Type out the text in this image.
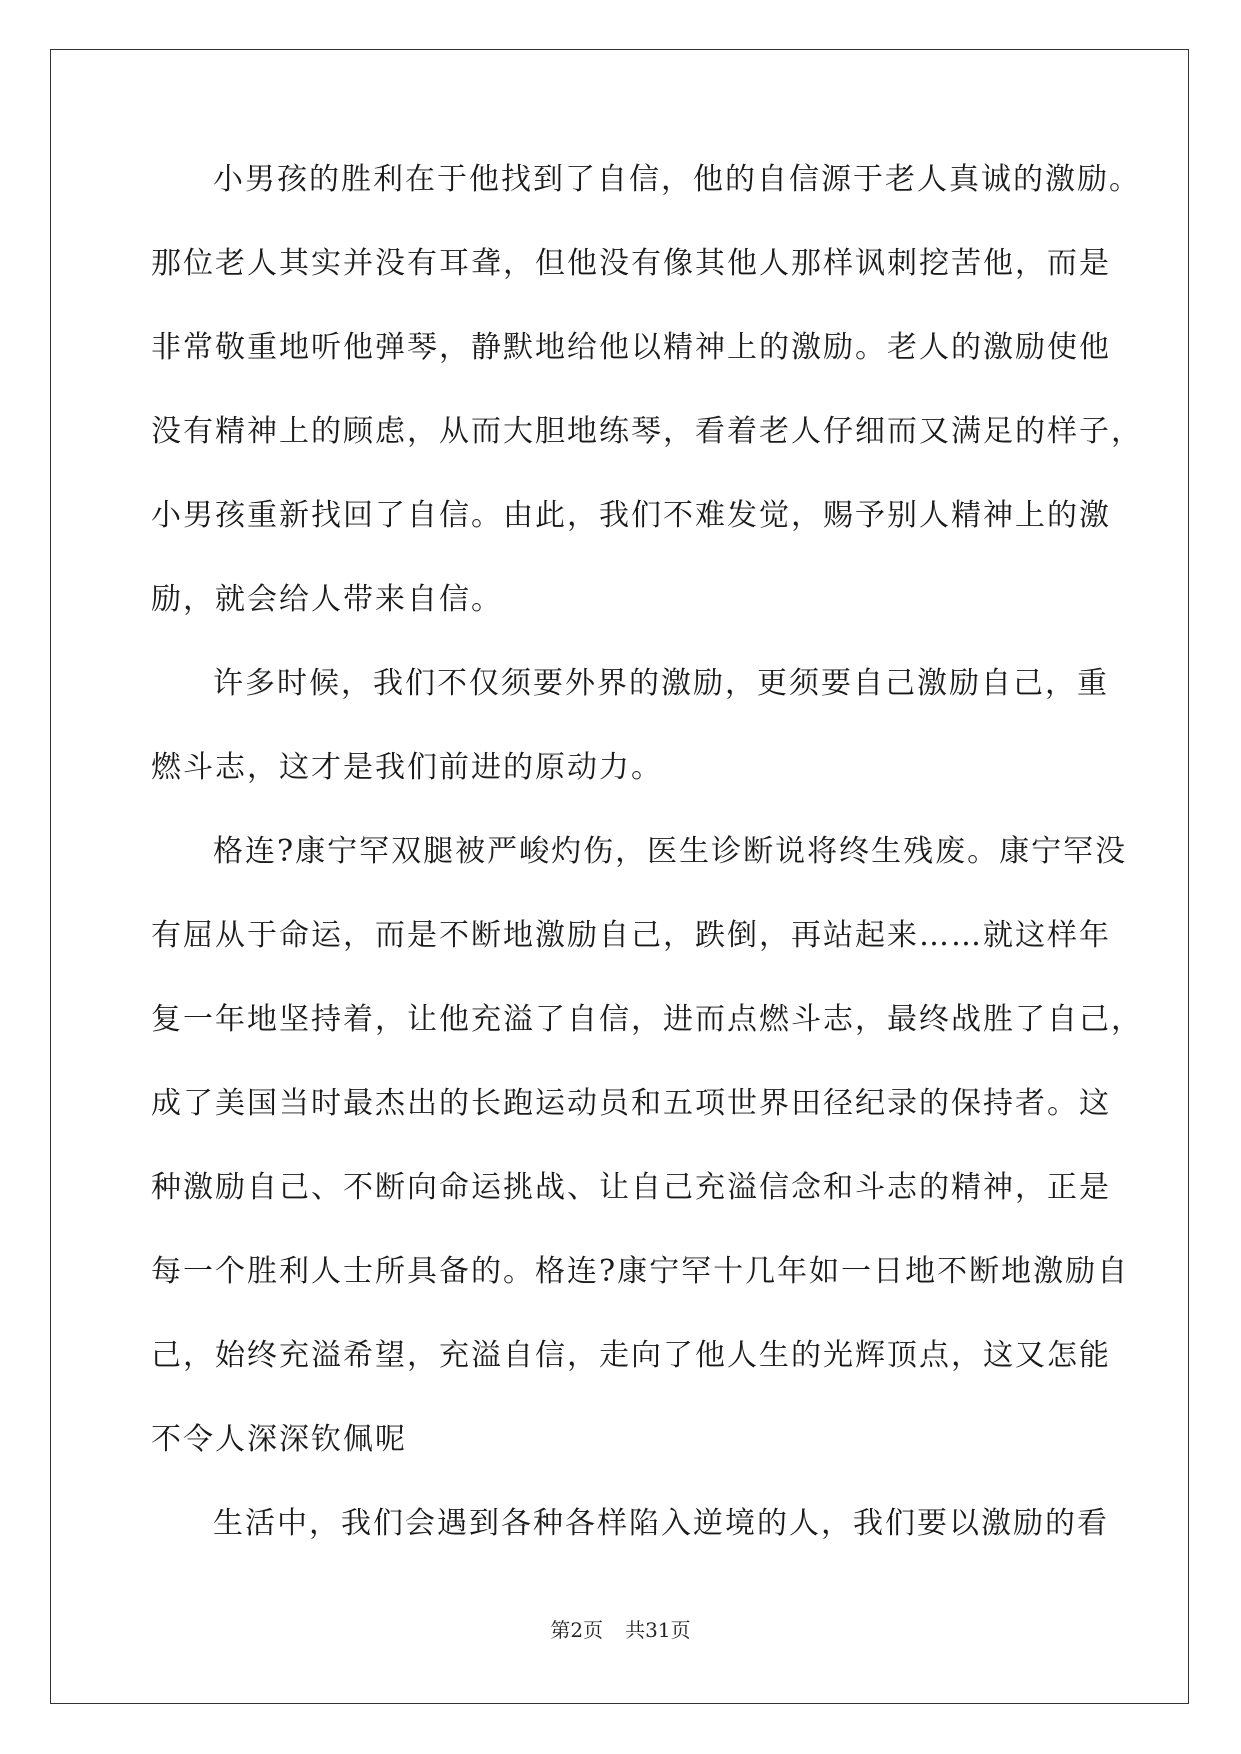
小男孩的胜利在于他找到了自信，他的自信源于老人真诚的激励。
那位老人其实并没有耳聋，但他没有像其他人那样讽刺挖苦他，而是
非常敬重地听他弹琴，静默地给他以精神上的激励。老人的激励使他
没有精神上的顾虑，从而大胆地练琴，看着老人仔细而又满足的样子，
小男孩重新找回了自信。由此，我们不难发觉，赐予别人精神上的激
励，就会给人带来自信。
许多时候，我们不仅须要外界的激励，更须要自己激励自己，重
燃斗志，这才是我们前进的原动力。
格连?康宁罕双腿被严峻灼伤，医生诊断说将终生残废。康宁罕没
有屈从于命运，而是不断地激励自己，跌倒，再站起来……就这样年
复一年地坚持着，让他充溢了自信，进而点燃斗志，最终战胜了自己，
成了美国当时最杰出的长跑运动员和五项世界田径纪录的保持者。这
种激励自己、不断向命运挑战、让自己充溢信念和斗志的精神，正是
每一个胜利人士所具备的。格连?康宁罕十几年如一日地不断地激励自
己，始终充溢希望，充溢自信，走向了他人生的光辉顶点，这又怎能
不令人深深钦佩呢
生活中，我们会遇到各种各样陷入逆境的人，我们要以激励的看
第2页 共31页
